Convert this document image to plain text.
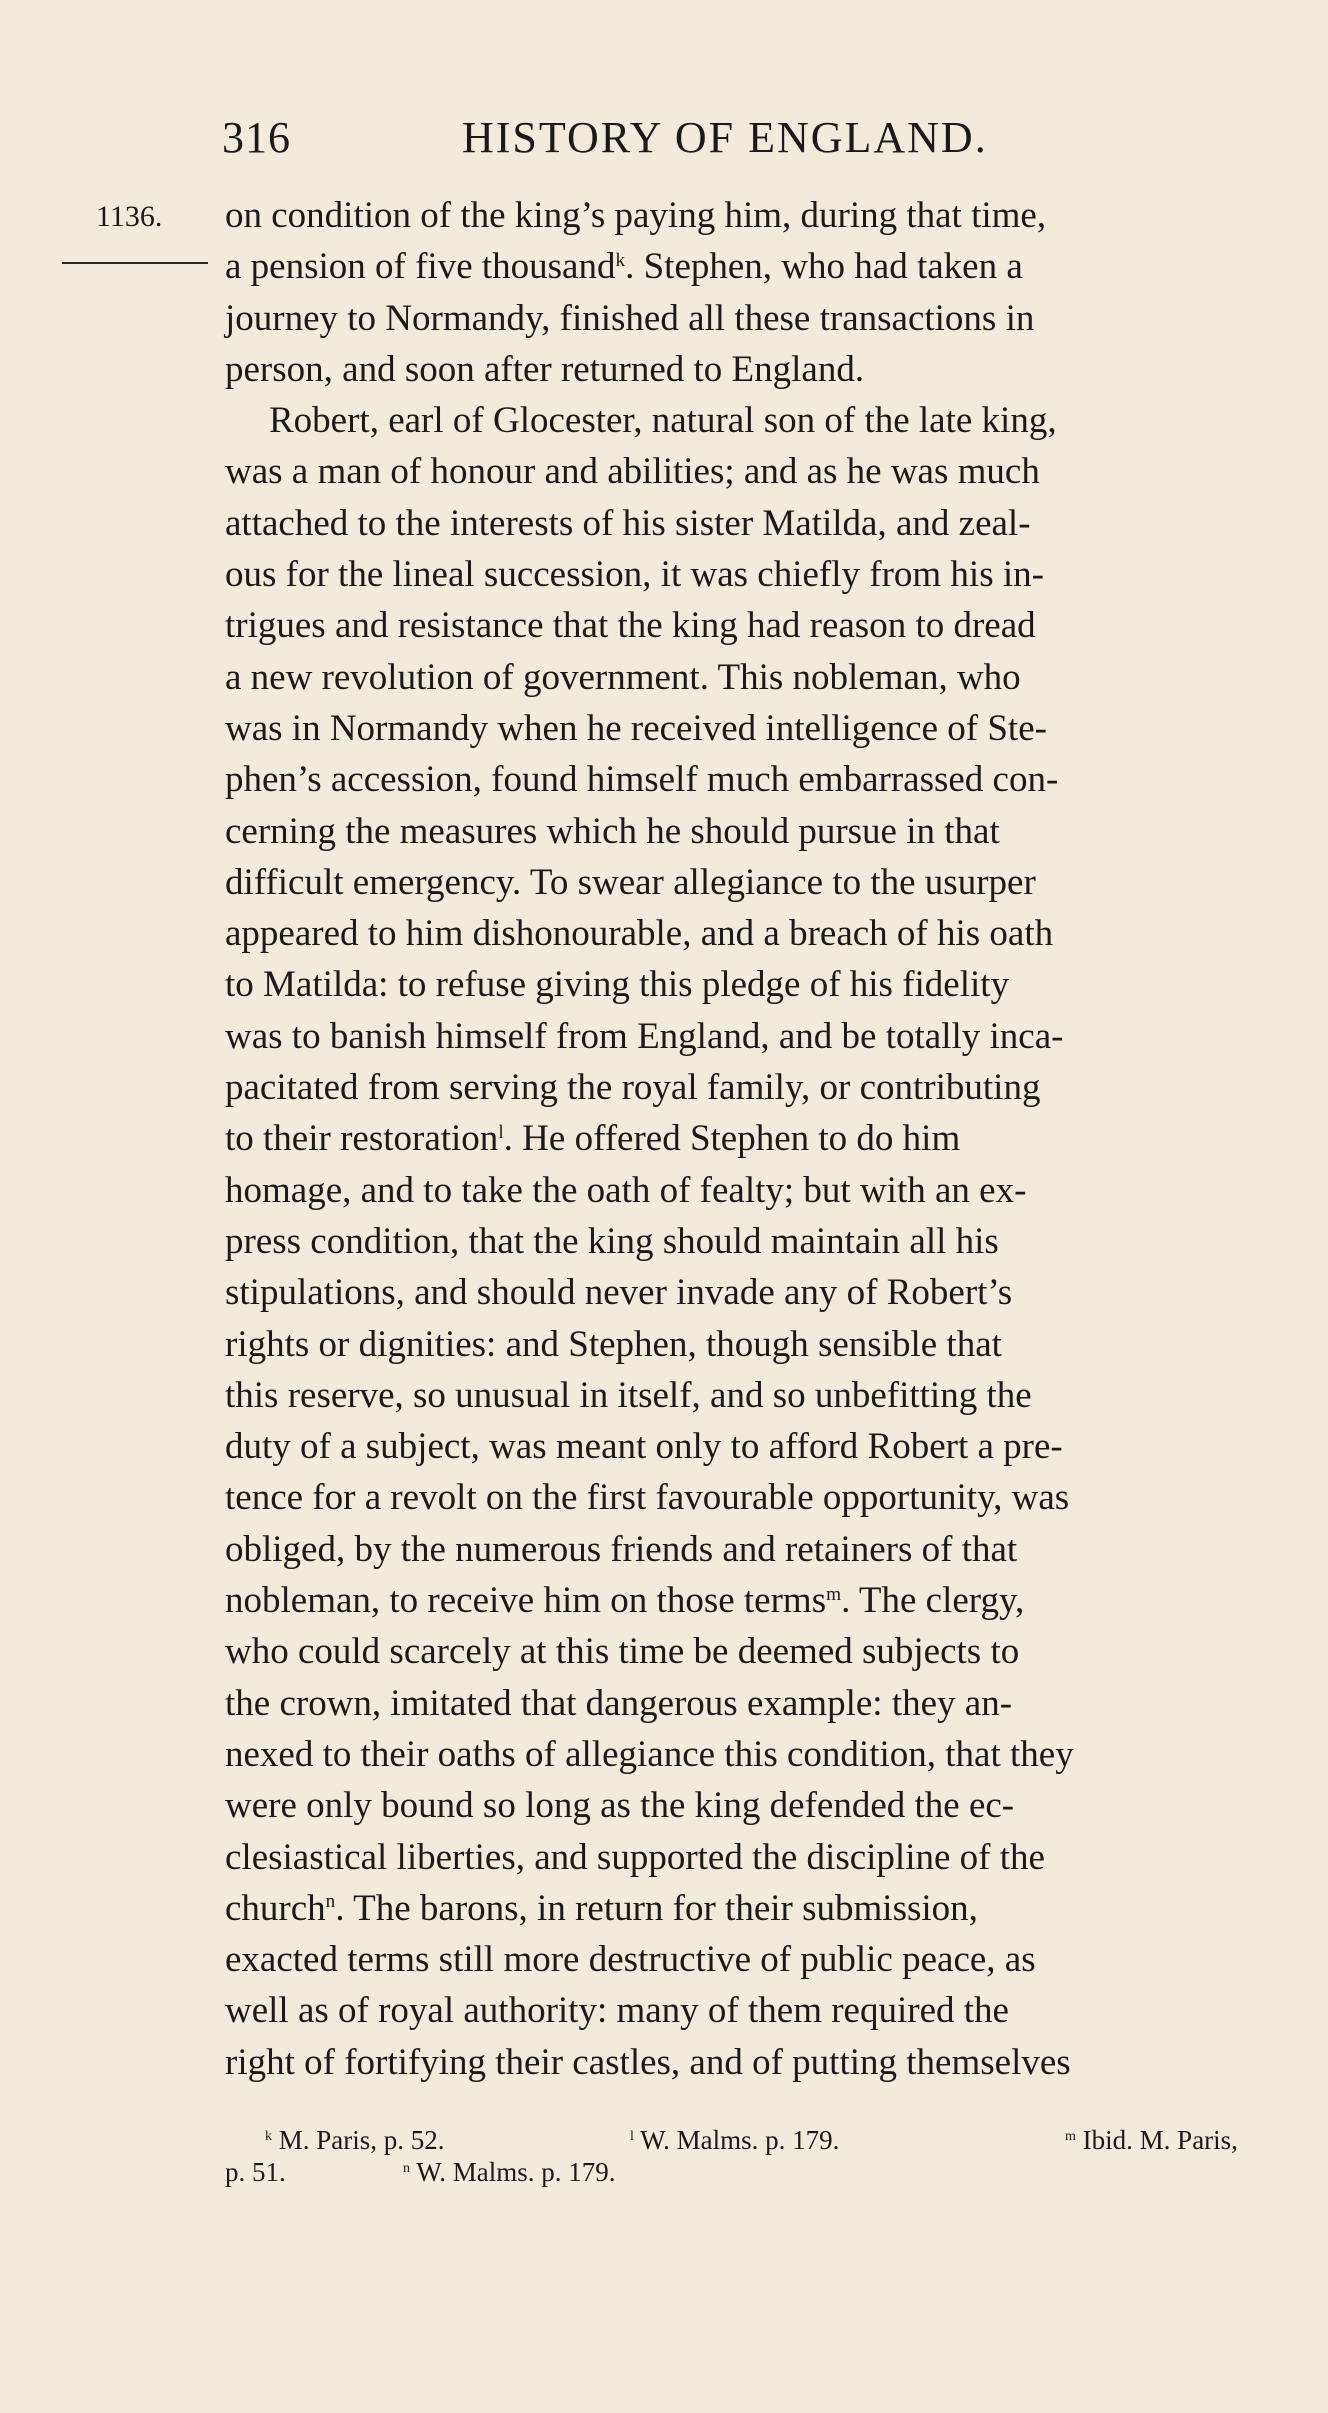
316	HISTORY OF ENGLAND.
1136. on condition of the king’s paying him, during that time,
a pension of five thousand$^k$. Stephen, who had taken a
journey to Normandy, finished all these transactions in
person, and soon after returned to England.
Robert, earl of Glocester, natural son of the late king,
was a man of honour and abilities; and as he was much
attached to the interests of his sister Matilda, and zeal-
ous for the lineal succession, it was chiefly from his in-
trigues and resistance that the king had reason to dread
a new revolution of government. This nobleman, who
was in Normandy when he received intelligence of Ste-
phen’s accession, found himself much embarrassed con-
cerning the measures which he should pursue in that
difficult emergency. To swear allegiance to the usurper
appeared to him dishonourable, and a breach of his oath
to Matilda: to refuse giving this pledge of his fidelity
was to banish himself from England, and be totally inca-
pacitated from serving the royal family, or contributing
to their restoration$^l$. He offered Stephen to do him
homage, and to take the oath of fealty; but with an ex-
press condition, that the king should maintain all his
stipulations, and should never invade any of Robert’s
rights or dignities: and Stephen, though sensible that
this reserve, so unusual in itself, and so unbefitting the
duty of a subject, was meant only to afford Robert a pre-
tence for a revolt on the first favourable opportunity, was
obliged, by the numerous friends and retainers of that
nobleman, to receive him on those terms$^m$. The clergy,
who could scarcely at this time be deemed subjects to
the crown, imitated that dangerous example: they an-
nexed to their oaths of allegiance this condition, that they
were only bound so long as the king defended the ec-
clesiastical liberties, and supported the discipline of the
church$^n$. The barons, in return for their submission,
exacted terms still more destructive of public peace, as
well as of royal authority: many of them required the
right of fortifying their castles, and of putting themselves
$^k$ M. Paris, p. 52.	$^l$ W. Malms. p. 179.	$^m$ Ibid. M. Paris,
p. 51.	$^n$ W. Malms. p. 179.
